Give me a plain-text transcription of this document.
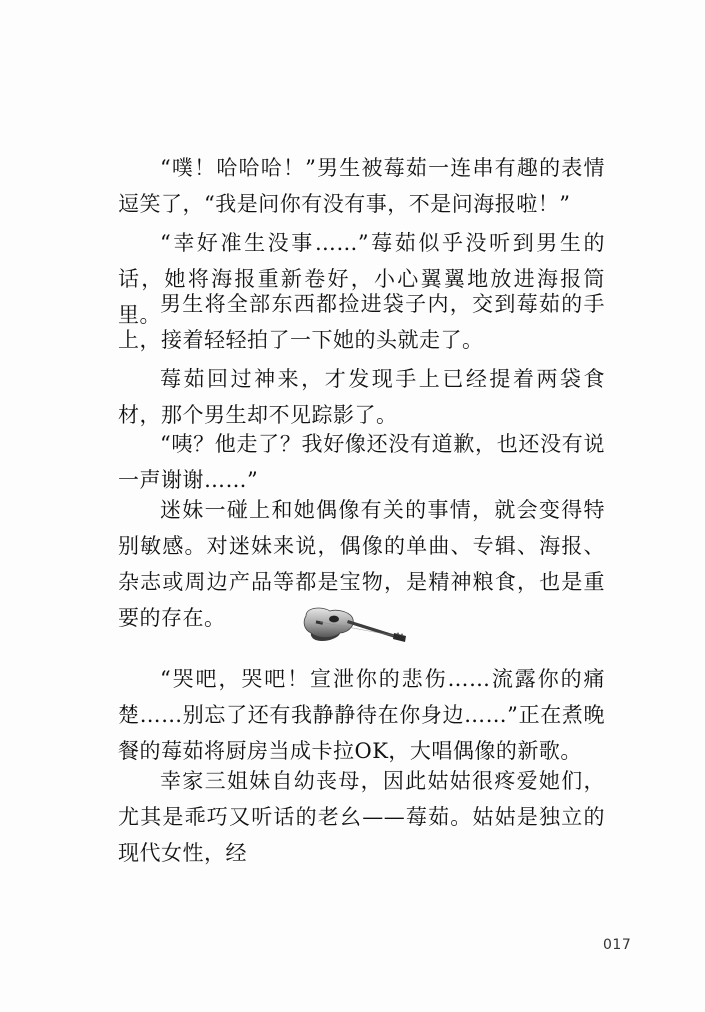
“噗！哈哈哈！”男生被莓茹一连串有趣的表情逗笑了，“我是问你有没有事，不是问海报啦！”

“幸好准生没事……”莓茹似乎没听到男生的话，她将海报重新卷好，小心翼翼地放进海报筒里。 男生将全部东西都捡进袋子内，交到莓茹的手上，接着轻轻拍了一下她的头就走了。

莓茹回过神来，才发现手上已经提着两袋食材，那个男生却不见踪影了。

“咦？他走了？我好像还没有道歉，也还没有说一声谢谢……”

迷妹一碰上和她偶像有关的事情，就会变得特别敏感。对迷妹来说，偶像的单曲、专辑、海报、杂志或周边产品等都是宝物，是精神粮食，也是重要的存在。

“哭吧，哭吧！宣泄你的悲伤……流露你的痛楚……别忘了还有我静静待在你身边……”正在煮晚餐的莓茹将厨房当成卡拉OK，大唱偶像的新歌。

幸家三姐妹自幼丧母，因此姑姑很疼爱她们，尤其是乖巧又听话的老幺——莓茹。姑姑是独立的现代女性，经

017
